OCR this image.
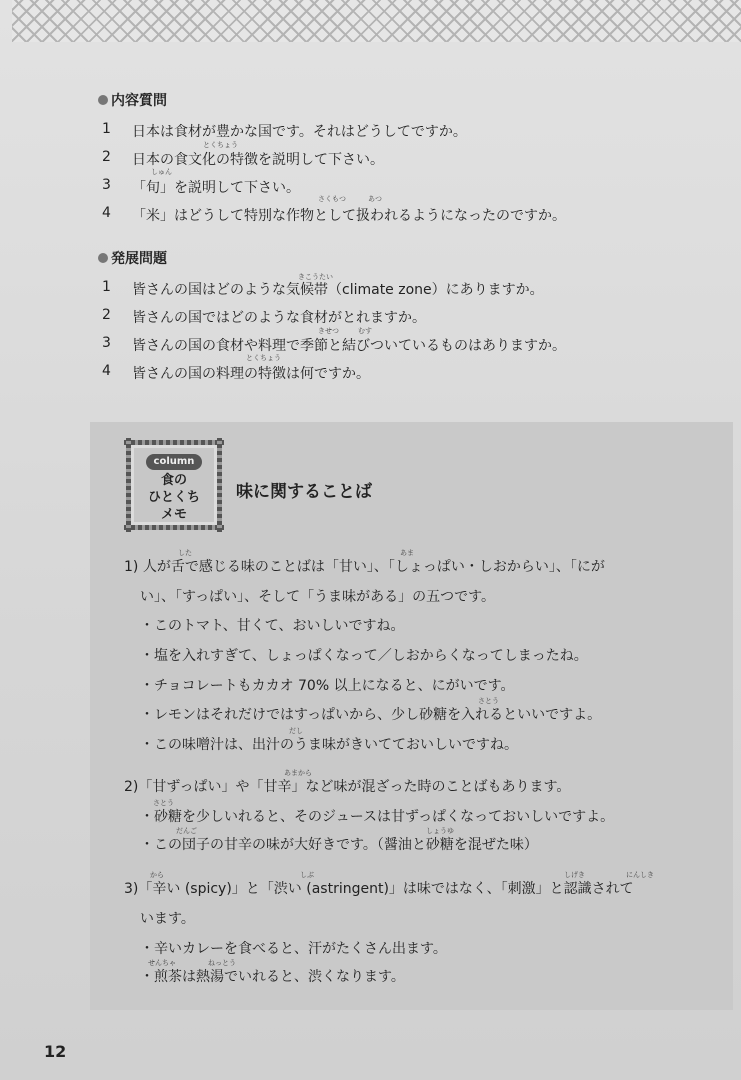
内容質問
1	日本は食材が豊かな国です。それはどうしてですか。
2	日本の食文化の特徴を説明して下さい。
3	「旬」を説明して下さい。
4	「米」はどうして特別な作物として扱われるようになったのですか。
発展問題
1	皆さんの国はどのような気候帯（climate zone）にありますか。
2	皆さんの国ではどのような食材がとれますか。
3	皆さんの国の食材や料理で季節と結びついているものはありますか。
4	皆さんの国の料理の特徴は何ですか。
とくちょう
しゅん
さくもつ	あつ
きこうたい
きせつ	むす
とくちょう
column
食の
ひとくち
メモ
味に関することば
1) 人が舌で感じる味のことばは「甘い」、「しょっぱい・しおからい」、「にが
い」、「すっぱい」、そして「うま味がある」の五つです。
・このトマト、甘くて、おいしいですね。
・塩を入れすぎて、しょっぱくなって／しおからくなってしまったね。
・チョコレートもカカオ 70% 以上になると、にがいです。
・レモンはそれだけではすっぱいから、少し砂糖を入れるといいですよ。
・この味噌汁は、出汁のうま味がきいてておいしいですね。
2)「甘ずっぱい」や「甘辛」など味が混ざった時のことばもあります。
・砂糖を少しいれると、そのジュースは甘ずっぱくなっておいしいですよ。
・この団子の甘辛の味が大好きです。（醤油と砂糖を混ぜた味）
3)「辛い (spicy)」と「渋い (astringent)」は味ではなく、「刺激」と認識されて
います。
・辛いカレーを食べると、汗がたくさん出ます。
・煎茶は熱湯でいれると、渋くなります。
した	あま
さとう
だし
あまから
さとう
だんご	しょうゆ
から	しぶ	しげき	にんしき
せんちゃ	ねっとう
12
